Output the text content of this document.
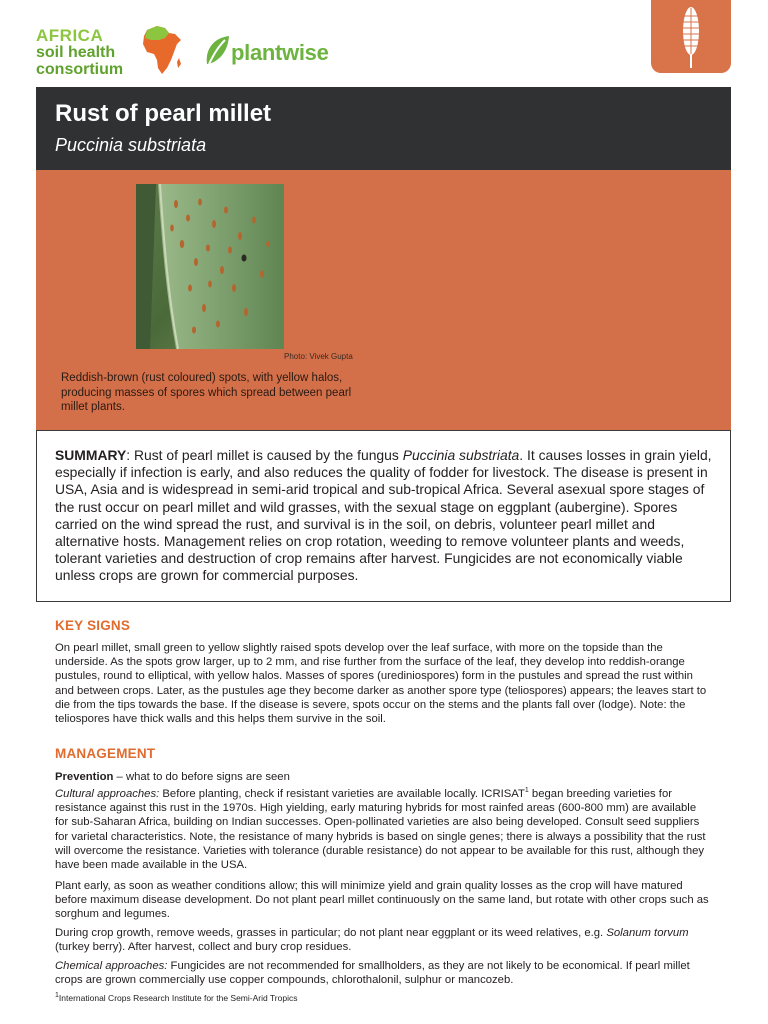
AFRICA
soil health
consortium
plantwise
Rust of pearl millet
Puccinia substriata
Photo: Vivek Gupta
Reddish-brown (rust coloured) spots, with yellow halos, producing masses of spores which spread between pearl millet plants.

SUMMARY: Rust of pearl millet is caused by the fungus Puccinia substriata. It causes losses in grain yield, especially if infection is early, and also reduces the quality of fodder for livestock. The disease is present in USA, Asia and is widespread in semi-arid tropical and sub-tropical Africa. Several asexual spore stages of the rust occur on pearl millet and wild grasses, with the sexual stage on eggplant (aubergine). Spores carried on the wind spread the rust, and survival is in the soil, on debris, volunteer pearl millet and alternative hosts. Management relies on crop rotation, weeding to remove volunteer plants and weeds, tolerant varieties and destruction of crop remains after harvest. Fungicides are not economically viable unless crops are grown for commercial purposes.

KEY SIGNS

On pearl millet, small green to yellow slightly raised spots develop over the leaf surface, with more on the topside than the underside. As the spots grow larger, up to 2 mm, and rise further from the surface of the leaf, they develop into reddish-orange pustules, round to elliptical, with yellow halos. Masses of spores (urediniospores) form in the pustules and spread the rust within and between crops. Later, as the pustules age they become darker as another spore type (teliospores) appears; the leaves start to die from the tips towards the base. If the disease is severe, spots occur on the stems and the plants fall over (lodge). Note: the teliospores have thick walls and this helps them survive in the soil.

MANAGEMENT

Prevention – what to do before signs are seen

Cultural approaches: Before planting, check if resistant varieties are available locally. ICRISAT$^1$ began breeding varieties for resistance against this rust in the 1970s. High yielding, early maturing hybrids for most rainfed areas (600-800 mm) are available for sub-Saharan Africa, building on Indian successes. Open-pollinated varieties are also being developed. Consult seed suppliers for varietal characteristics. Note, the resistance of many hybrids is based on single genes; there is always a possibility that the rust will overcome the resistance. Varieties with tolerance (durable resistance) do not appear to be available for this rust, although they have been made available in the USA.

Plant early, as soon as weather conditions allow; this will minimize yield and grain quality losses as the crop will have matured before maximum disease development. Do not plant pearl millet continuously on the same land, but rotate with other crops such as sorghum and legumes.

During crop growth, remove weeds, grasses in particular; do not plant near eggplant or its weed relatives, e.g. Solanum torvum (turkey berry). After harvest, collect and bury crop residues.

Chemical approaches: Fungicides are not recommended for smallholders, as they are not likely to be economical. If pearl millet crops are grown commercially use copper compounds, chlorothalonil, sulphur or mancozeb.

$^1$International Crops Research Institute for the Semi-Arid Tropics
